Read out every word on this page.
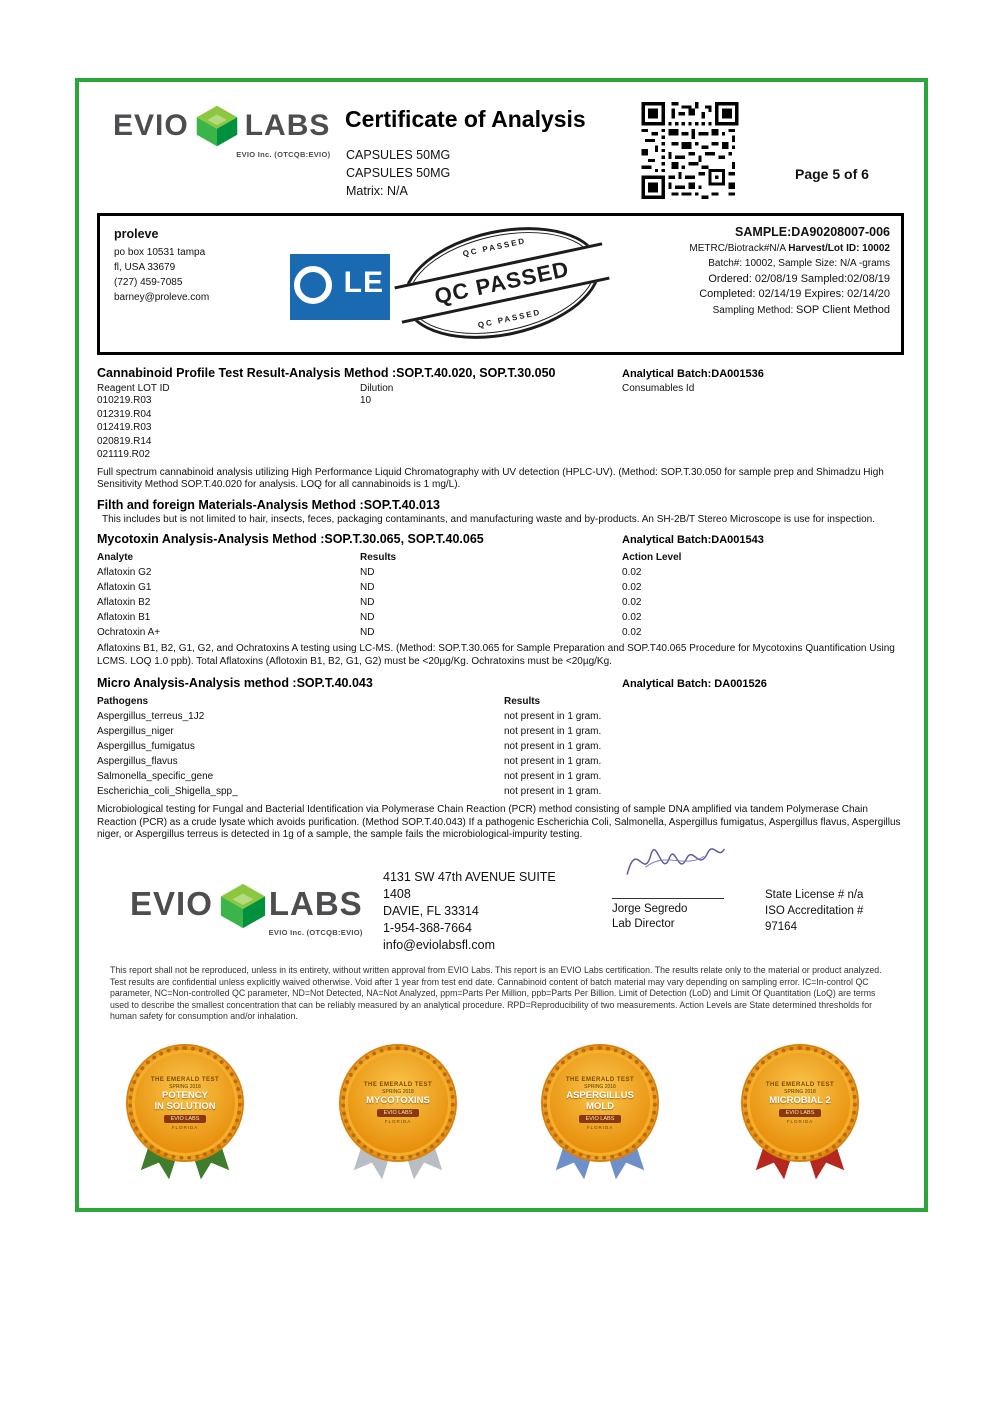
EVIO LABS
EVIO Inc. (OTCQB:EVIO)
Certificate of Analysis
CAPSULES 50MG
CAPSULES 50MG
Matrix: N/A
Page 5 of 6
proleve
po box 10531 tampa
fl, USA 33679
(727) 459-7085
barney@proleve.com	LE
QC PASSED
QC PASSED
QC PASSED
SAMPLE:DA90208007-006
METRC/Biotrack#N/A Harvest/Lot ID: 10002
Batch#: 10002, Sample Size: N/A -grams
Ordered: 02/08/19 Sampled:02/08/19
Completed: 02/14/19 Expires: 02/14/20
Sampling Method: SOP Client Method
Cannabinoid Profile Test Result-Analysis Method :SOP.T.40.020, SOP.T.30.050	Analytical Batch:DA001536
Reagent LOT ID	Dilution	Consumables Id
010219.R03	10
012319.R04
012419.R03
020819.R14
021119.R02
Full spectrum cannabinoid analysis utilizing High Performance Liquid Chromatography with UV detection (HPLC-UV). (Method: SOP.T.30.050 for sample prep and Shimadzu High Sensitivity Method SOP.T.40.020 for analysis. LOQ for all cannabinoids is 1 mg/L).
Filth and foreign Materials-Analysis Method :SOP.T.40.013
This includes but is not limited to hair, insects, feces, packaging contaminants, and manufacturing waste and by-products. An SH-2B/T Stereo Microscope is use for inspection.
Mycotoxin Analysis-Analysis Method :SOP.T.30.065, SOP.T.40.065	Analytical Batch:DA001543
Analyte	Results	Action Level
Aflatoxin G2	ND	0.02
Aflatoxin G1	ND	0.02
Aflatoxin B2	ND	0.02
Aflatoxin B1	ND	0.02
Ochratoxin A+	ND	0.02
Aflatoxins B1, B2, G1, G2, and Ochratoxins A testing using LC-MS. (Method: SOP.T.30.065 for Sample Preparation and SOP.T40.065 Procedure for Mycotoxins Quantification Using LCMS. LOQ 1.0 ppb). Total Aflatoxins (Aflotoxin B1, B2, G1, G2) must be <20µg/Kg. Ochratoxins must be <20µg/Kg.
Micro Analysis-Analysis method :SOP.T.40.043	Analytical Batch: DA001526
Pathogens	Results
Aspergillus_terreus_1J2	not present in 1 gram.
Aspergillus_niger	not present in 1 gram.
Aspergillus_fumigatus	not present in 1 gram.
Aspergillus_flavus	not present in 1 gram.
Salmonella_specific_gene	not present in 1 gram.
Escherichia_coli_Shigella_spp_	not present in 1 gram.
Microbiological testing for Fungal and Bacterial Identification via Polymerase Chain Reaction (PCR) method consisting of sample DNA amplified via tandem Polymerase Chain Reaction (PCR) as a crude lysate which avoids purification. (Method SOP.T.40.043) If a pathogenic Escherichia Coli, Salmonella, Aspergillus fumigatus, Aspergillus flavus, Aspergillus niger, or Aspergillus terreus is detected in 1g of a sample, the sample fails the microbiological-impurity testing.
EVIO LABS
EVIO Inc. (OTCQB:EVIO)
4131 SW 47th AVENUE SUITE
1408
DAVIE, FL 33314
1-954-368-7664
info@eviolabsfl.com
Jorge Segredo
Lab Director
State License # n/a
ISO Accreditation #
97164
This report shall not be reproduced, unless in its entirety, without written approval from EVIO Labs. This report is an EVIO Labs certification. The results relate only to the material or product analyzed. Test results are confidential unless explicitly waived otherwise. Void after 1 year from test end date. Cannabinoid content of batch material may vary depending on sampling error. IC=In-control QC parameter, NC=Non-controlled QC parameter, ND=Not Detected, NA=Not Analyzed, ppm=Parts Per Million, ppb=Parts Per Billion. Limit of Detection (LoD) and Limit Of Quantitation (LoQ) are terms used to describe the smallest concentration that can be reliably measured by an analytical procedure. RPD=Reproducibility of two measurements. Action Levels are State determined thresholds for human safety for consumption and/or inhalation.
THE EMERALD TEST
SPRING 2018
POTENCY
IN SOLUTION
EVIO LABS
FLORIDA
THE EMERALD TEST
SPRING 2018
MYCOTOXINS
EVIO LABS
FLORIDA
THE EMERALD TEST
SPRING 2018
ASPERGILLUS
MOLD
EVIO LABS
FLORIDA
THE EMERALD TEST
SPRING 2018
MICROBIAL 2
EVIO LABS
FLORIDA
